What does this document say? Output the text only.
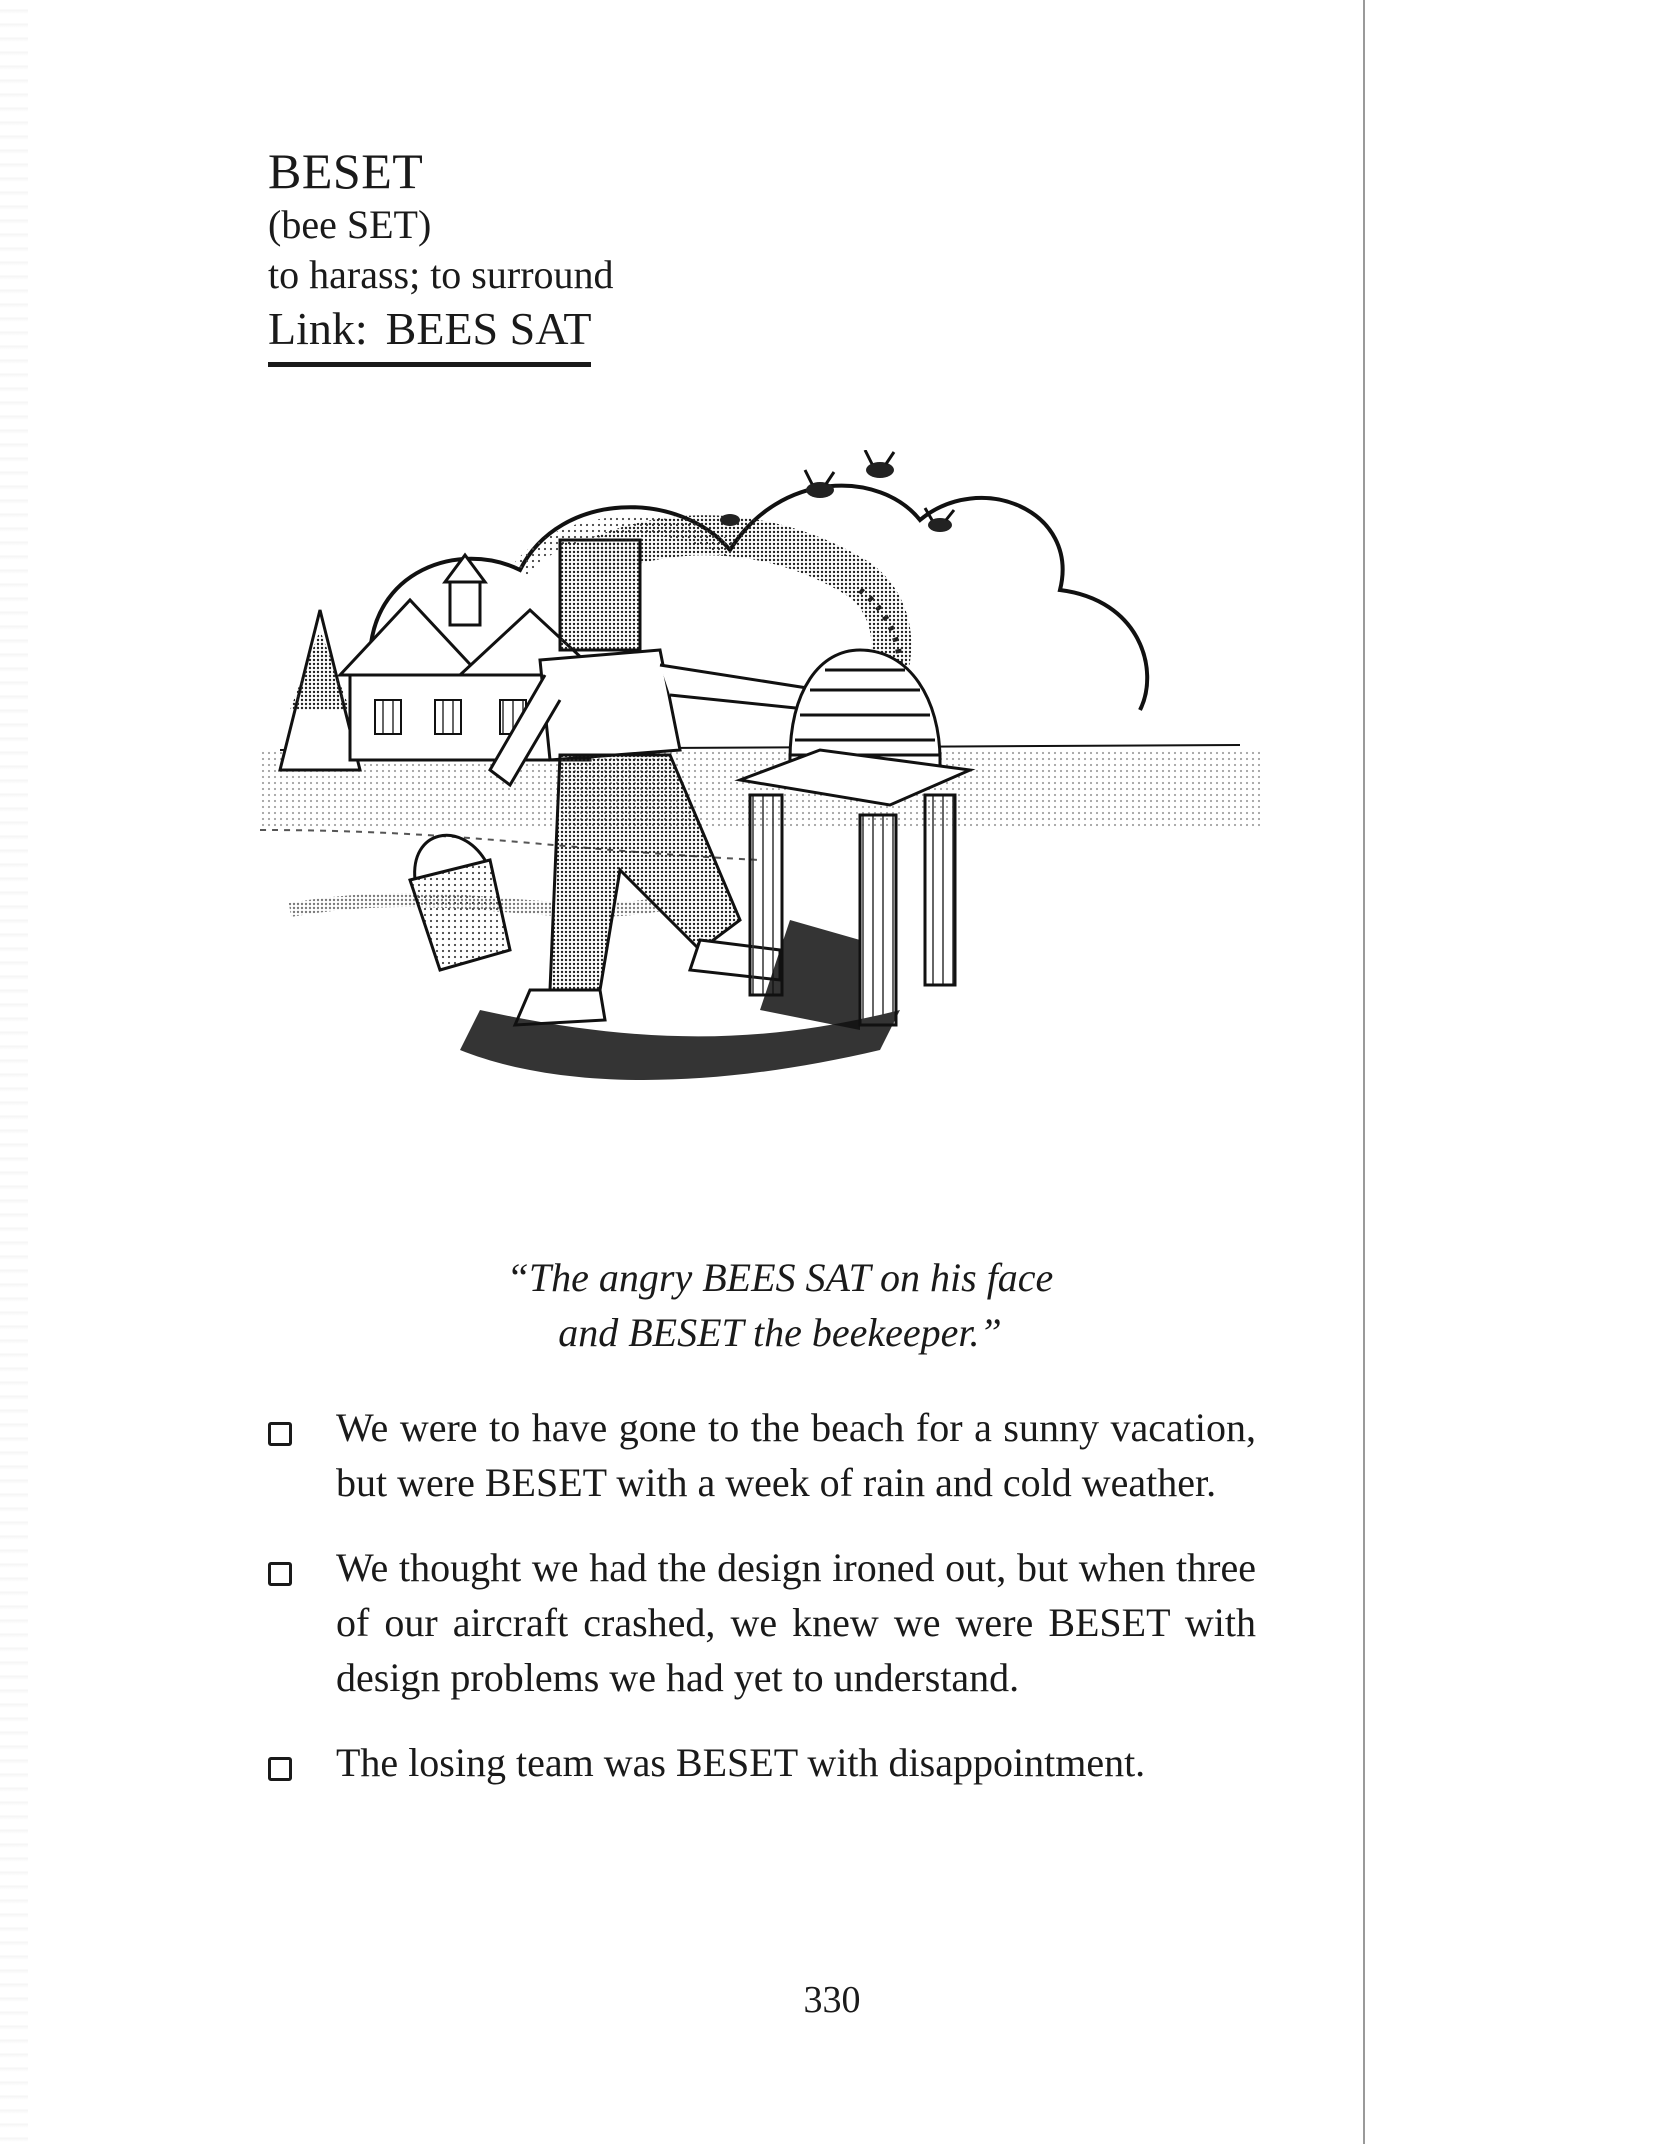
BESET
(bee SET)
to harass; to surround
Link: BEES SAT
“The angry BEES SAT on his face
and BESET the beekeeper.”
We were to have gone to the beach for a sunny vacation, but were BESET with a week of rain and cold weather.
We thought we had the design ironed out, but when three of our aircraft crashed, we knew we were BESET with design problems we had yet to understand.
The losing team was BESET with disappointment.
330
